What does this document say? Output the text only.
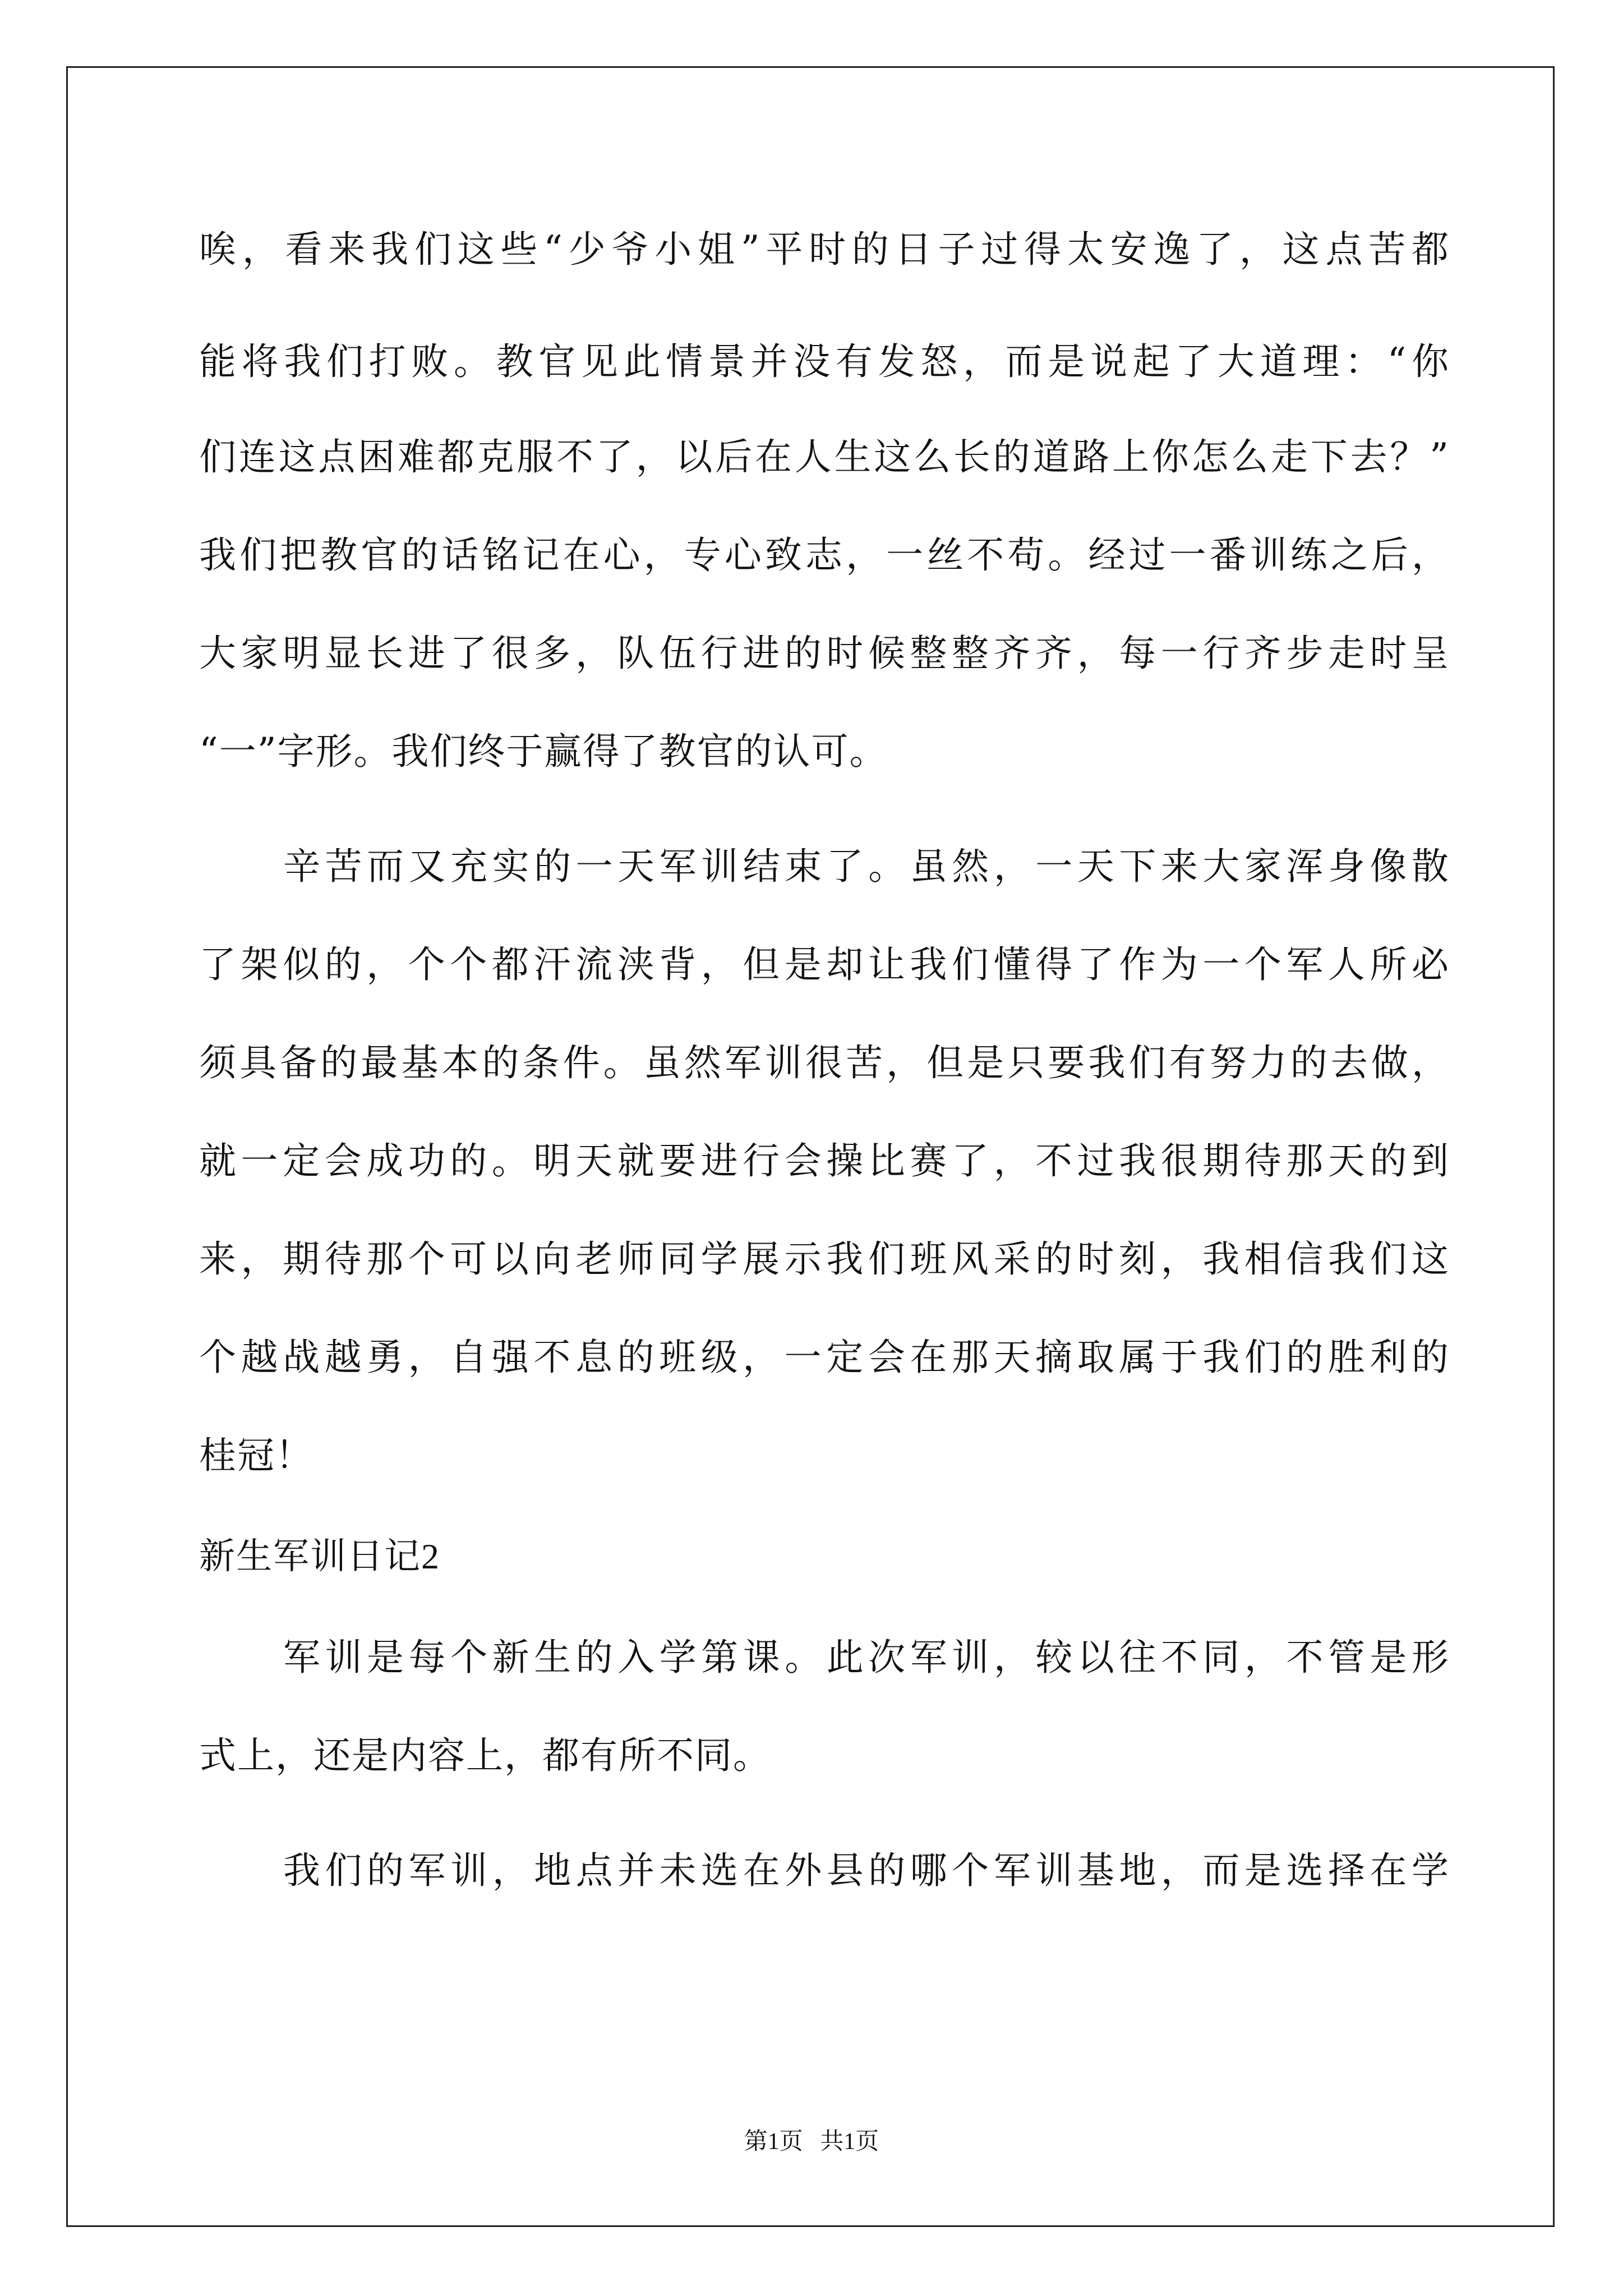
唉，看来我们这些“少爷小姐”平时的日子过得太安逸了，这点苦都
能将我们打败。教官见此情景并没有发怒，而是说起了大道理：“你
们连这点困难都克服不了，以后在人生这么长的道路上你怎么走下去？”
我们把教官的话铭记在心，专心致志，一丝不苟。经过一番训练之后，
大家明显长进了很多，队伍行进的时候整整齐齐，每一行齐步走时呈
“一”字形。我们终于赢得了教官的认可。
辛苦而又充实的一天军训结束了。虽然，一天下来大家浑身像散
了架似的，个个都汗流浃背，但是却让我们懂得了作为一个军人所必
须具备的最基本的条件。虽然军训很苦，但是只要我们有努力的去做，
就一定会成功的。明天就要进行会操比赛了，不过我很期待那天的到
来，期待那个可以向老师同学展示我们班风采的时刻，我相信我们这
个越战越勇，自强不息的班级，一定会在那天摘取属于我们的胜利的
桂冠！
新生军训日记2
军训是每个新生的入学第课。此次军训，较以往不同，不管是形
式上，还是内容上，都有所不同。
我们的军训，地点并未选在外县的哪个军训基地，而是选择在学
第1页 共1页
